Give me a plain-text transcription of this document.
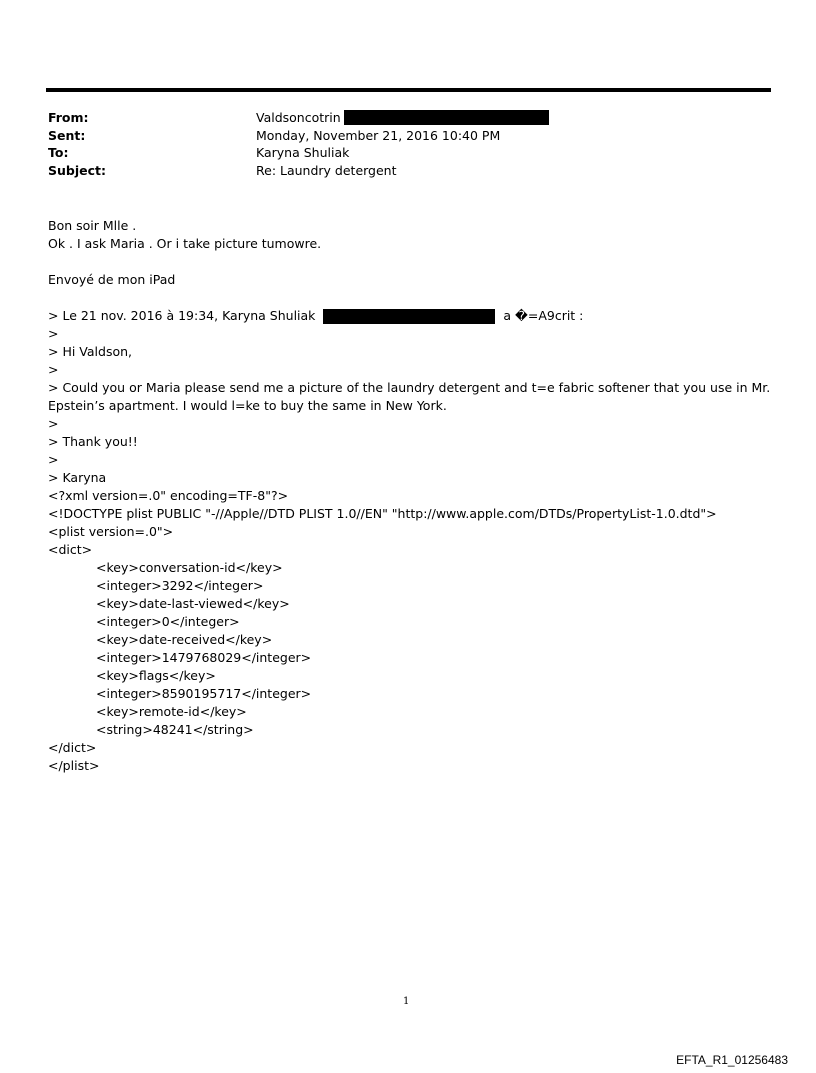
From:	Valdsoncotrin
Sent:	Monday, November 21, 2016 10:40 PM
To:	Karyna Shuliak
Subject:	Re: Laundry detergent
Bon soir Mlle .
Ok . I ask Maria . Or i take picture tumowre.
Envoyé de mon iPad
> Le 21 nov. 2016 à 19:34, Karyna Shuliak	a �=A9crit :
>
> Hi Valdson,
>
> Could you or Maria please send me a picture of the laundry detergent and t=e fabric softener that you use in Mr. Epstein’s apartment. I would l=ke to buy the same in New York.
>
> Thank you!!
>
> Karyna
<?xml version=.0" encoding=TF-8"?>
<!DOCTYPE plist PUBLIC "-//Apple//DTD PLIST 1.0//EN" "http://www.apple.com/DTDs/PropertyList-1.0.dtd">
<plist version=.0">
<dict>
<key>conversation-id</key>
<integer>3292</integer>
<key>date-last-viewed</key>
<integer>0</integer>
<key>date-received</key>
<integer>1479768029</integer>
<key>flags</key>
<integer>8590195717</integer>
<key>remote-id</key>
<string>48241</string>
</dict>
</plist>
1
EFTA_R1_01256483
